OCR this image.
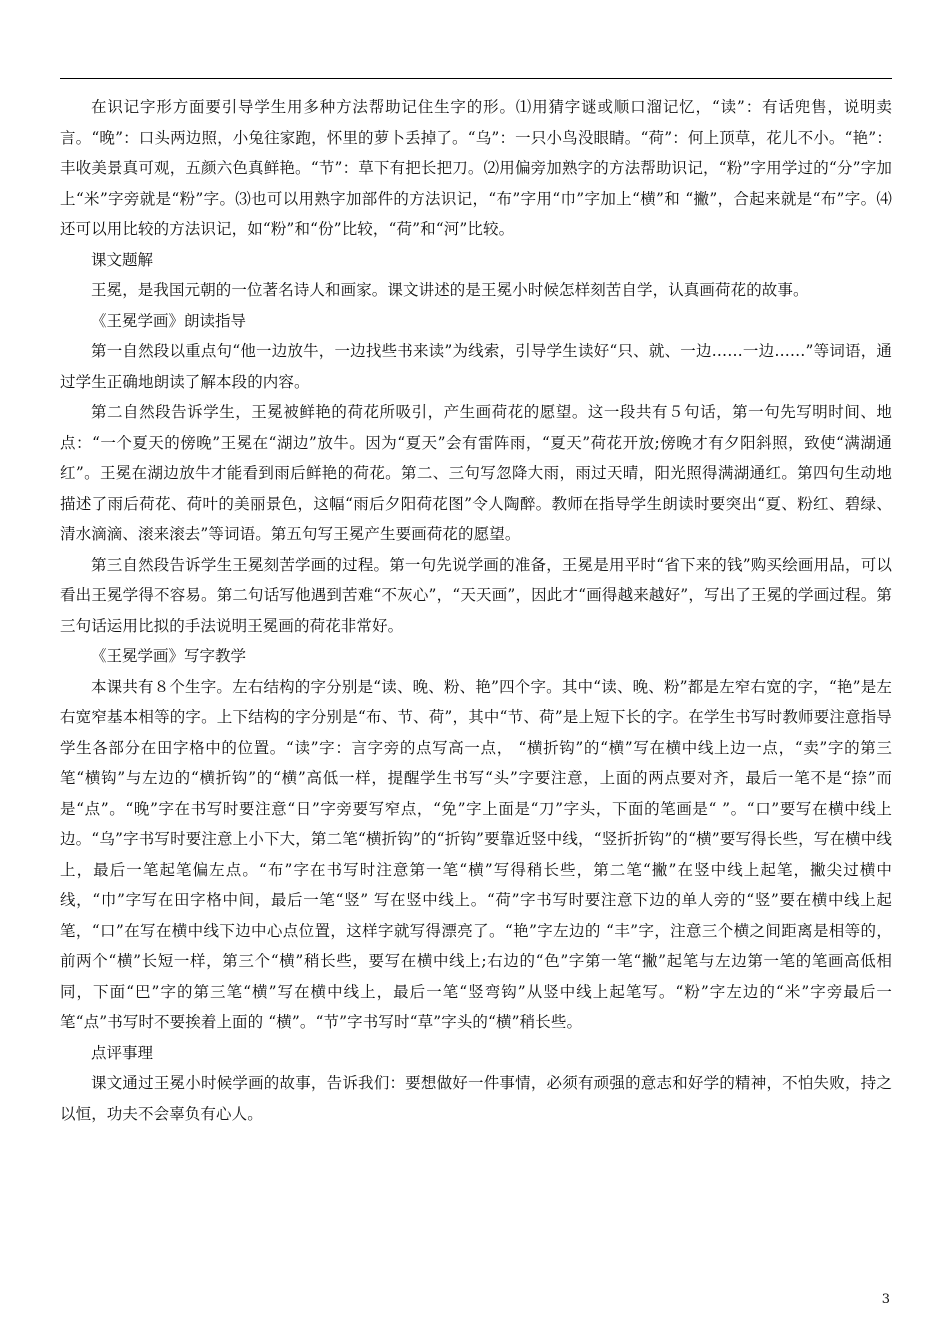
在识记字形方面要引导学生用多种方法帮助记住生字的形。⑴用猜字谜或顺口溜记忆，“读”：有话兜售，说明卖言。“晚”：口头两边照，小兔往家跑，怀里的萝卜丢掉了。“乌”：一只小鸟没眼睛。“荷”：何上顶草，花儿不小。“艳”：丰收美景真可观，五颜六色真鲜艳。“节”：草下有把长把刀。⑵用偏旁加熟字的方法帮助识记，“粉”字用学过的“分”字加上“米”字旁就是“粉”字。⑶也可以用熟字加部件的方法识记，“布”字用“巾”字加上“横”和 “撇”，合起来就是“布”字。⑷还可以用比较的方法识记，如“粉”和“份”比较，“荷”和“河”比较。

课文题解

王冕，是我国元朝的一位著名诗人和画家。课文讲述的是王冕小时候怎样刻苦自学，认真画荷花的故事。

《王冕学画》朗读指导

第一自然段以重点句“他一边放牛，一边找些书来读”为线索，引导学生读好“只、就、一边……一边……”等词语，通过学生正确地朗读了解本段的内容。

第二自然段告诉学生，王冕被鲜艳的荷花所吸引，产生画荷花的愿望。这一段共有５句话，第一句先写明时间、地点：“一个夏天的傍晚”王冕在“湖边”放牛。因为“夏天”会有雷阵雨，“夏天”荷花开放;傍晚才有夕阳斜照，致使“满湖通红”。王冕在湖边放牛才能看到雨后鲜艳的荷花。第二、三句写忽降大雨，雨过天晴，阳光照得满湖通红。第四句生动地描述了雨后荷花、荷叶的美丽景色，这幅“雨后夕阳荷花图”令人陶醉。教师在指导学生朗读时要突出“夏、粉红、碧绿、清水滴滴、滚来滚去”等词语。第五句写王冕产生要画荷花的愿望。

第三自然段告诉学生王冕刻苦学画的过程。第一句先说学画的准备，王冕是用平时“省下来的钱”购买绘画用品，可以看出王冕学得不容易。第二句话写他遇到苦难“不灰心”，“天天画”，因此才“画得越来越好”，写出了王冕的学画过程。第三句话运用比拟的手法说明王冕画的荷花非常好。

《王冕学画》写字教学

本课共有８个生字。左右结构的字分别是“读、晚、粉、艳”四个字。其中“读、晚、粉”都是左窄右宽的字，“艳”是左右宽窄基本相等的字。上下结构的字分别是“布、节、荷”，其中“节、荷”是上短下长的字。在学生书写时教师要注意指导学生各部分在田字格中的位置。“读”字：言字旁的点写高一点， “横折钩”的“横”写在横中线上边一点，“卖”字的第三笔“横钩”与左边的“横折钩”的“横”高低一样，提醒学生书写“头”字要注意，上面的两点要对齐，最后一笔不是“捺”而是“点”。“晚”字在书写时要注意“日”字旁要写窄点，“免”字上面是“刀”字头，下面的笔画是“ ”。“口”要写在横中线上边。“乌”字书写时要注意上小下大，第二笔“横折钩”的“折钩”要靠近竖中线，“竖折折钩”的“横”要写得长些，写在横中线上，最后一笔起笔偏左点。“布”字在书写时注意第一笔“横”写得稍长些，第二笔“撇”在竖中线上起笔，撇尖过横中线，“巾”字写在田字格中间，最后一笔“竖” 写在竖中线上。“荷”字书写时要注意下边的单人旁的“竖”要在横中线上起笔，“口”在写在横中线下边中心点位置，这样字就写得漂亮了。“艳”字左边的 “丰”字，注意三个横之间距离是相等的，前两个“横”长短一样，第三个“横”稍长些，要写在横中线上;右边的“色”字第一笔“撇”起笔与左边第一笔的笔画高低相同，下面“巴”字的第三笔“横”写在横中线上，最后一笔“竖弯钩”从竖中线上起笔写。“粉”字左边的“米”字旁最后一笔“点”书写时不要挨着上面的 “横”。“节”字书写时“草”字头的“横”稍长些。

点评事理

课文通过王冕小时候学画的故事，告诉我们：要想做好一件事情，必须有顽强的意志和好学的精神，不怕失败，持之以恒，功夫不会辜负有心人。

3
